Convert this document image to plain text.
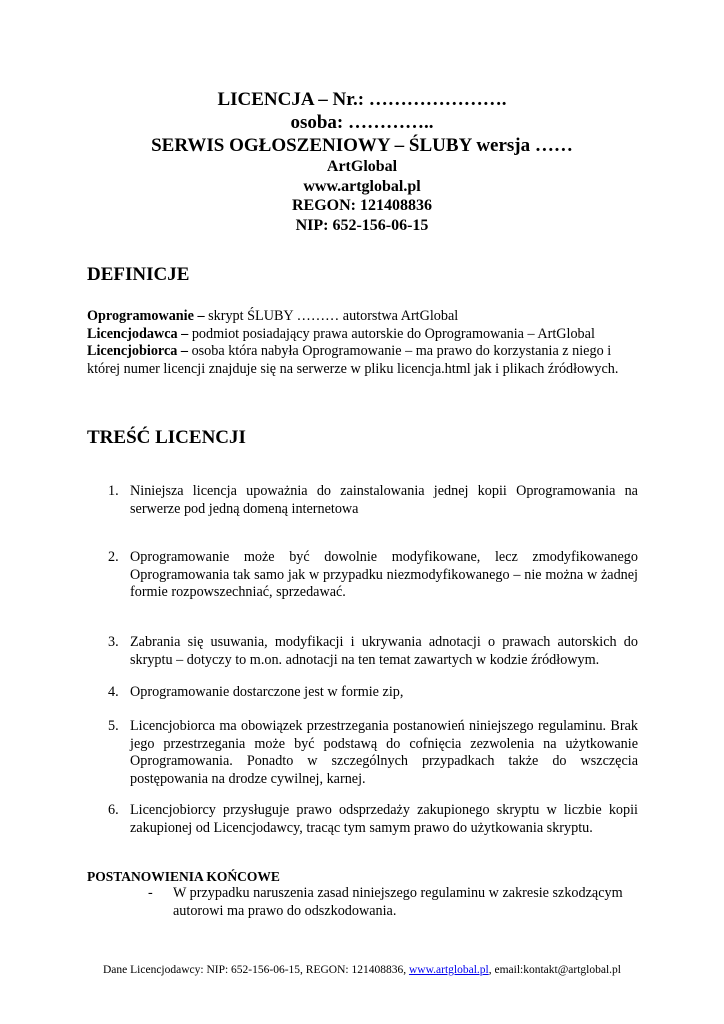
LICENCJA – Nr.: ………………….
osoba: …………..
SERWIS OGŁOSZENIOWY – ŚLUBY wersja ……
ArtGlobal
www.artglobal.pl
REGON: 121408836
NIP: 652-156-06-15
DEFINICJE
Oprogramowanie – skrypt ŚLUBY ……… autorstwa ArtGlobal
Licencjodawca – podmiot posiadający prawa autorskie do Oprogramowania – ArtGlobal
Licencjobiorca – osoba która nabyła Oprogramowanie – ma prawo do korzystania z niego i której numer licencji znajduje się na serwerze w pliku licencja.html jak i plikach źródłowych.
TREŚĆ LICENCJI
1. Niniejsza licencja upoważnia do zainstalowania jednej kopii Oprogramowania na serwerze pod jedną domeną internetowa
2. Oprogramowanie może być dowolnie modyfikowane, lecz zmodyfikowanego Oprogramowania tak samo jak w przypadku niezmodyfikowanego – nie można w żadnej formie rozpowszechniać, sprzedawać.
3. Zabrania się usuwania, modyfikacji i ukrywania adnotacji o prawach autorskich do skryptu – dotyczy to m.on. adnotacji na ten temat zawartych w kodzie źródłowym.
4. Oprogramowanie dostarczone jest w formie zip,
5. Licencjobiorca ma obowiązek przestrzegania postanowień niniejszego regulaminu. Brak jego przestrzegania może być podstawą do cofnięcia zezwolenia na użytkowanie Oprogramowania. Ponadto w szczególnych przypadkach także do wszczęcia postępowania na drodze cywilnej, karnej.
6. Licencjobiorcy przysługuje prawo odsprzedaży zakupionego skryptu w liczbie kopii zakupionej od Licencjodawcy, tracąc tym samym prawo do użytkowania skryptu.
POSTANOWIENIA KOŃCOWE
- W przypadku naruszenia zasad niniejszego regulaminu w zakresie szkodzącym autorowi ma prawo do odszkodowania.
Dane Licencjodawcy: NIP: 652-156-06-15, REGON: 121408836, www.artglobal.pl, email:kontakt@artglobal.pl
